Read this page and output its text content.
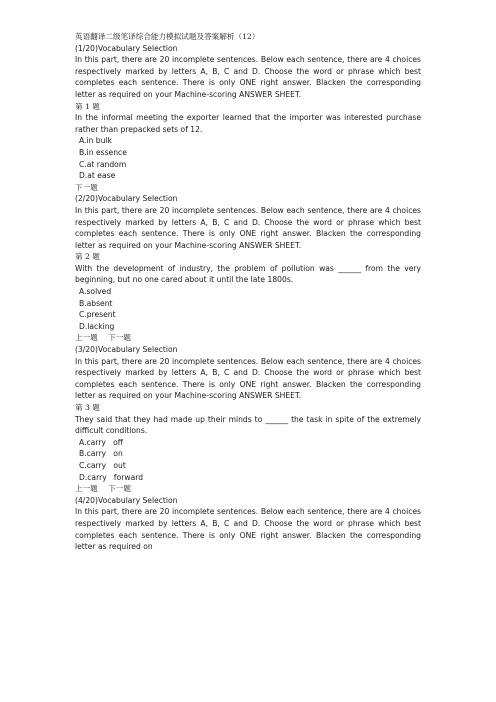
英语翻译二级笔译综合能力模拟试题及答案解析（12）
(1/20)Vocabulary Selection
In this part, there are 20 incomplete sentences. Below each sentence, there are 4 choices respectively marked by letters A, B, C and D. Choose the word or phrase which best completes each sentence. There is only ONE right answer. Blacken the corresponding letter as required on your Machine-scoring ANSWER SHEET.
第 1 题
In the informal meeting the exporter learned that the importer was interested purchase rather than prepacked sets of 12.
A.in bulk
B.in essence
C.at random
D.at ease
下一题
(2/20)Vocabulary Selection
In this part, there are 20 incomplete sentences. Below each sentence, there are 4 choices respectively marked by letters A, B, C and D. Choose the word or phrase which best completes each sentence. There is only ONE right answer. Blacken the corresponding letter as required on your Machine-scoring ANSWER SHEET.
第 2 题
With the development of industry, the problem of pollution was ______ from the very beginning, but no one cared about it until the late 1800s.
A.solved
B.absent
C.present
D.lacking
上一题 下一题
(3/20)Vocabulary Selection
In this part, there are 20 incomplete sentences. Below each sentence, there are 4 choices respectively marked by letters A, B, C and D. Choose the word or phrase which best completes each sentence. There is only ONE right answer. Blacken the corresponding letter as required on your Machine-scoring ANSWER SHEET.
第 3 题
They said that they had made up their minds to ______ the task in spite of the extremely difficult conditions.
A.carry   off
B.carry   on
C.carry   out
D.carry   forward
上一题 下一题
(4/20)Vocabulary Selection
In this part, there are 20 incomplete sentences. Below each sentence, there are 4 choices respectively marked by letters A, B, C and D. Choose the word or phrase which best completes each sentence. There is only ONE right answer. Blacken the corresponding letter as required on
